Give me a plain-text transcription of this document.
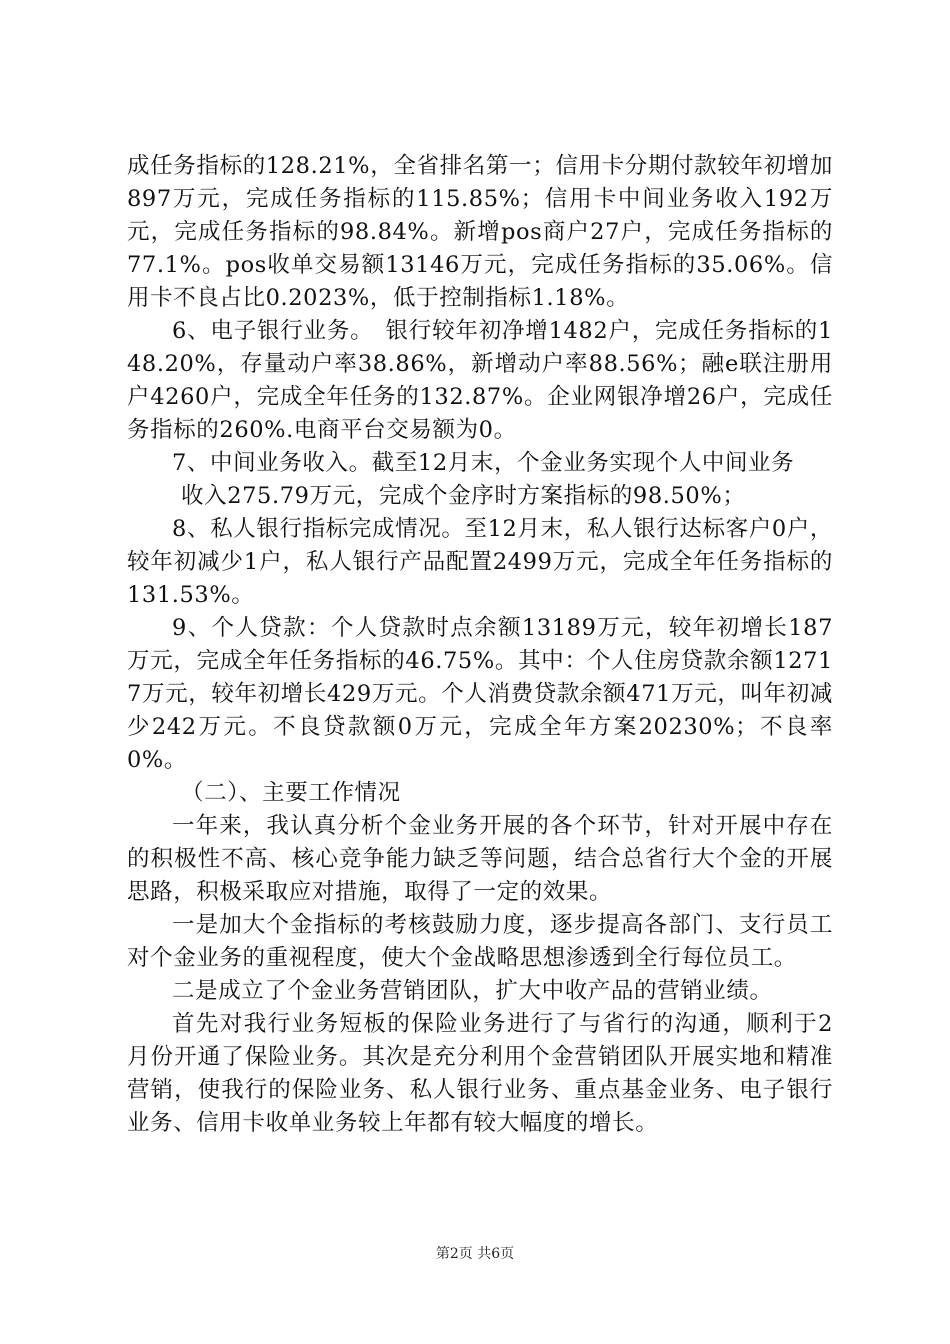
成任务指标的128.21%，全省排名第一；信用卡分期付款较年初增加897万元，完成任务指标的115.85%；信用卡中间业务收入192万元，完成任务指标的98.84%。新增pos商户27户，完成任务指标的77.1%。pos收单交易额13146万元，完成任务指标的35.06%。信用卡不良占比0.2023%，低于控制指标1.18%。

6、电子银行业务。　银行较年初净增1482户，完成任务指标的148.20%，存量动户率38.86%，新增动户率88.56%；融e联注册用户4260户，完成全年任务的132.87%。企业网银净增26户，完成任务指标的260%.电商平台交易额为0。

7、中间业务收入。截至12月末，个金业务实现个人中间业务

收入275.79万元，完成个金序时方案指标的98.50%；

8、私人银行指标完成情况。至12月末，私人银行达标客户0户，较年初减少1户，私人银行产品配置2499万元，完成全年任务指标的131.53%。

9、个人贷款：个人贷款时点余额13189万元，较年初增长187万元，完成全年任务指标的46.75%。其中：个人住房贷款余额12717万元，较年初增长429万元。个人消费贷款余额471万元，叫年初减少242万元。不良贷款额0万元，完成全年方案20230%；不良率0%。

（二）、主要工作情况

一年来，我认真分析个金业务开展的各个环节，针对开展中存在的积极性不高、核心竞争能力缺乏等问题，结合总省行大个金的开展思路，积极采取应对措施，取得了一定的效果。

一是加大个金指标的考核鼓励力度，逐步提高各部门、支行员工对个金业务的重视程度，使大个金战略思想渗透到全行每位员工。

二是成立了个金业务营销团队，扩大中收产品的营销业绩。

首先对我行业务短板的保险业务进行了与省行的沟通，顺利于2月份开通了保险业务。其次是充分利用个金营销团队开展实地和精准营销，使我行的保险业务、私人银行业务、重点基金业务、电子银行业务、信用卡收单业务较上年都有较大幅度的增长。

第2页 共6页
